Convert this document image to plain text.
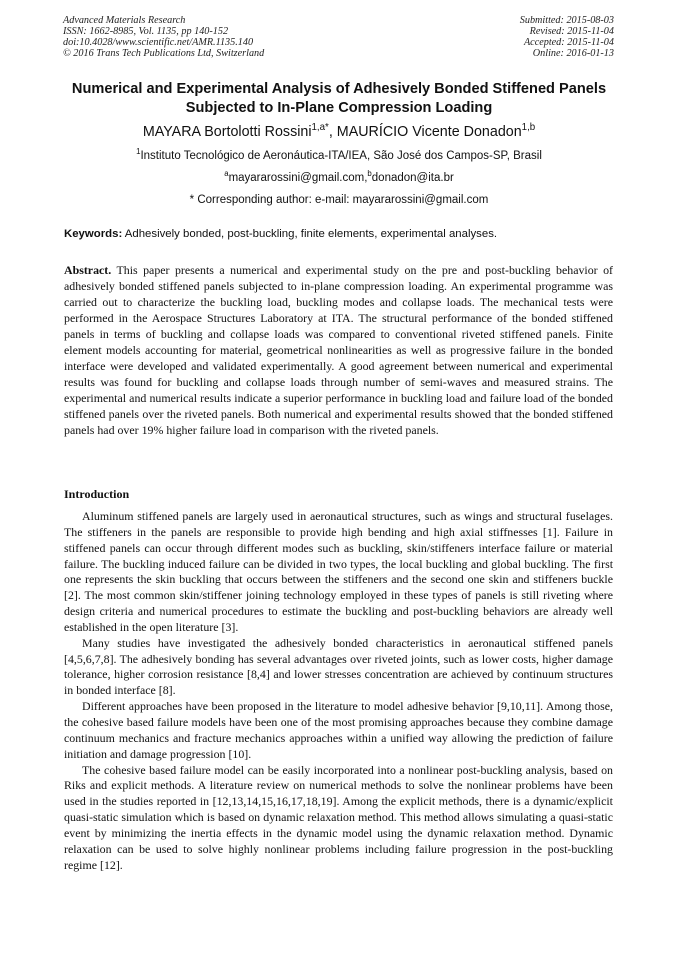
Advanced Materials Research
ISSN: 1662-8985, Vol. 1135, pp 140-152
doi:10.4028/www.scientific.net/AMR.1135.140
© 2016 Trans Tech Publications Ltd, Switzerland
Submitted: 2015-08-03
Revised: 2015-11-04
Accepted: 2015-11-04
Online: 2016-01-13
Numerical and Experimental Analysis of Adhesively Bonded Stiffened Panels Subjected to In-Plane Compression Loading
MAYARA Bortolotti Rossini$^{1,a*}$, MAURÍCIO Vicente Donadon$^{1,b}$
$^1$Instituto Tecnológico de Aeronáutica-ITA/IEA, São José dos Campos-SP, Brasil
$^a$mayararossini@gmail.com,$^b$donadon@ita.br
* Corresponding author: e-mail: mayararossini@gmail.com
Keywords: Adhesively bonded, post-buckling, finite elements, experimental analyses.
Abstract. This paper presents a numerical and experimental study on the pre and post-buckling behavior of adhesively bonded stiffened panels subjected to in-plane compression loading. An experimental programme was carried out to characterize the buckling load, buckling modes and collapse loads. The mechanical tests were performed in the Aerospace Structures Laboratory at ITA. The structural performance of the bonded stiffened panels in terms of buckling and collapse loads was compared to conventional riveted stiffened panels. Finite element models accounting for material, geometrical nonlinearities as well as progressive failure in the bonded interface were developed and validated experimentally. A good agreement between numerical and experimental results was found for buckling and collapse loads through number of semi-waves and measured strains. The experimental and numerical results indicate a superior performance in buckling load and failure load of the bonded stiffened panels over the riveted panels. Both numerical and experimental results showed that the bonded stiffened panels had over 19% higher failure load in comparison with the riveted panels.
Introduction

Aluminum stiffened panels are largely used in aeronautical structures, such as wings and structural fuselages. The stiffeners in the panels are responsible to provide high bending and high axial stiffnesses [1]. Failure in stiffened panels can occur through different modes such as buckling, skin/stiffeners interface failure or material failure. The buckling induced failure can be divided in two types, the local buckling and global buckling. The first one represents the skin buckling that occurs between the stiffeners and the second one skin and stiffeners buckle [2]. The most common skin/stiffener joining technology employed in these types of panels is still riveting where design criteria and numerical procedures to estimate the buckling and post-buckling behaviors are already well established in the open literature [3].

Many studies have investigated the adhesively bonded characteristics in aeronautical stiffened panels [4,5,6,7,8]. The adhesively bonding has several advantages over riveted joints, such as lower costs, higher damage tolerance, higher corrosion resistance [8,4] and lower stresses concentration are achieved by continuum structures in bonded interface [8].

Different approaches have been proposed in the literature to model adhesive behavior [9,10,11]. Among those, the cohesive based failure models have been one of the most promising approaches because they combine damage continuum mechanics and fracture mechanics approaches within a unified way allowing the prediction of failure initiation and damage progression [10].

The cohesive based failure model can be easily incorporated into a nonlinear post-buckling analysis, based on Riks and explicit methods. A literature review on numerical methods to solve the nonlinear problems have been used in the studies reported in [12,13,14,15,16,17,18,19]. Among the explicit methods, there is a dynamic/explicit quasi-static simulation which is based on dynamic relaxation method. This method allows simulating a quasi-static event by minimizing the inertia effects in the dynamic model using the dynamic relaxation method. Dynamic relaxation can be used to solve highly nonlinear problems including failure progression in the post-buckling regime [12].
